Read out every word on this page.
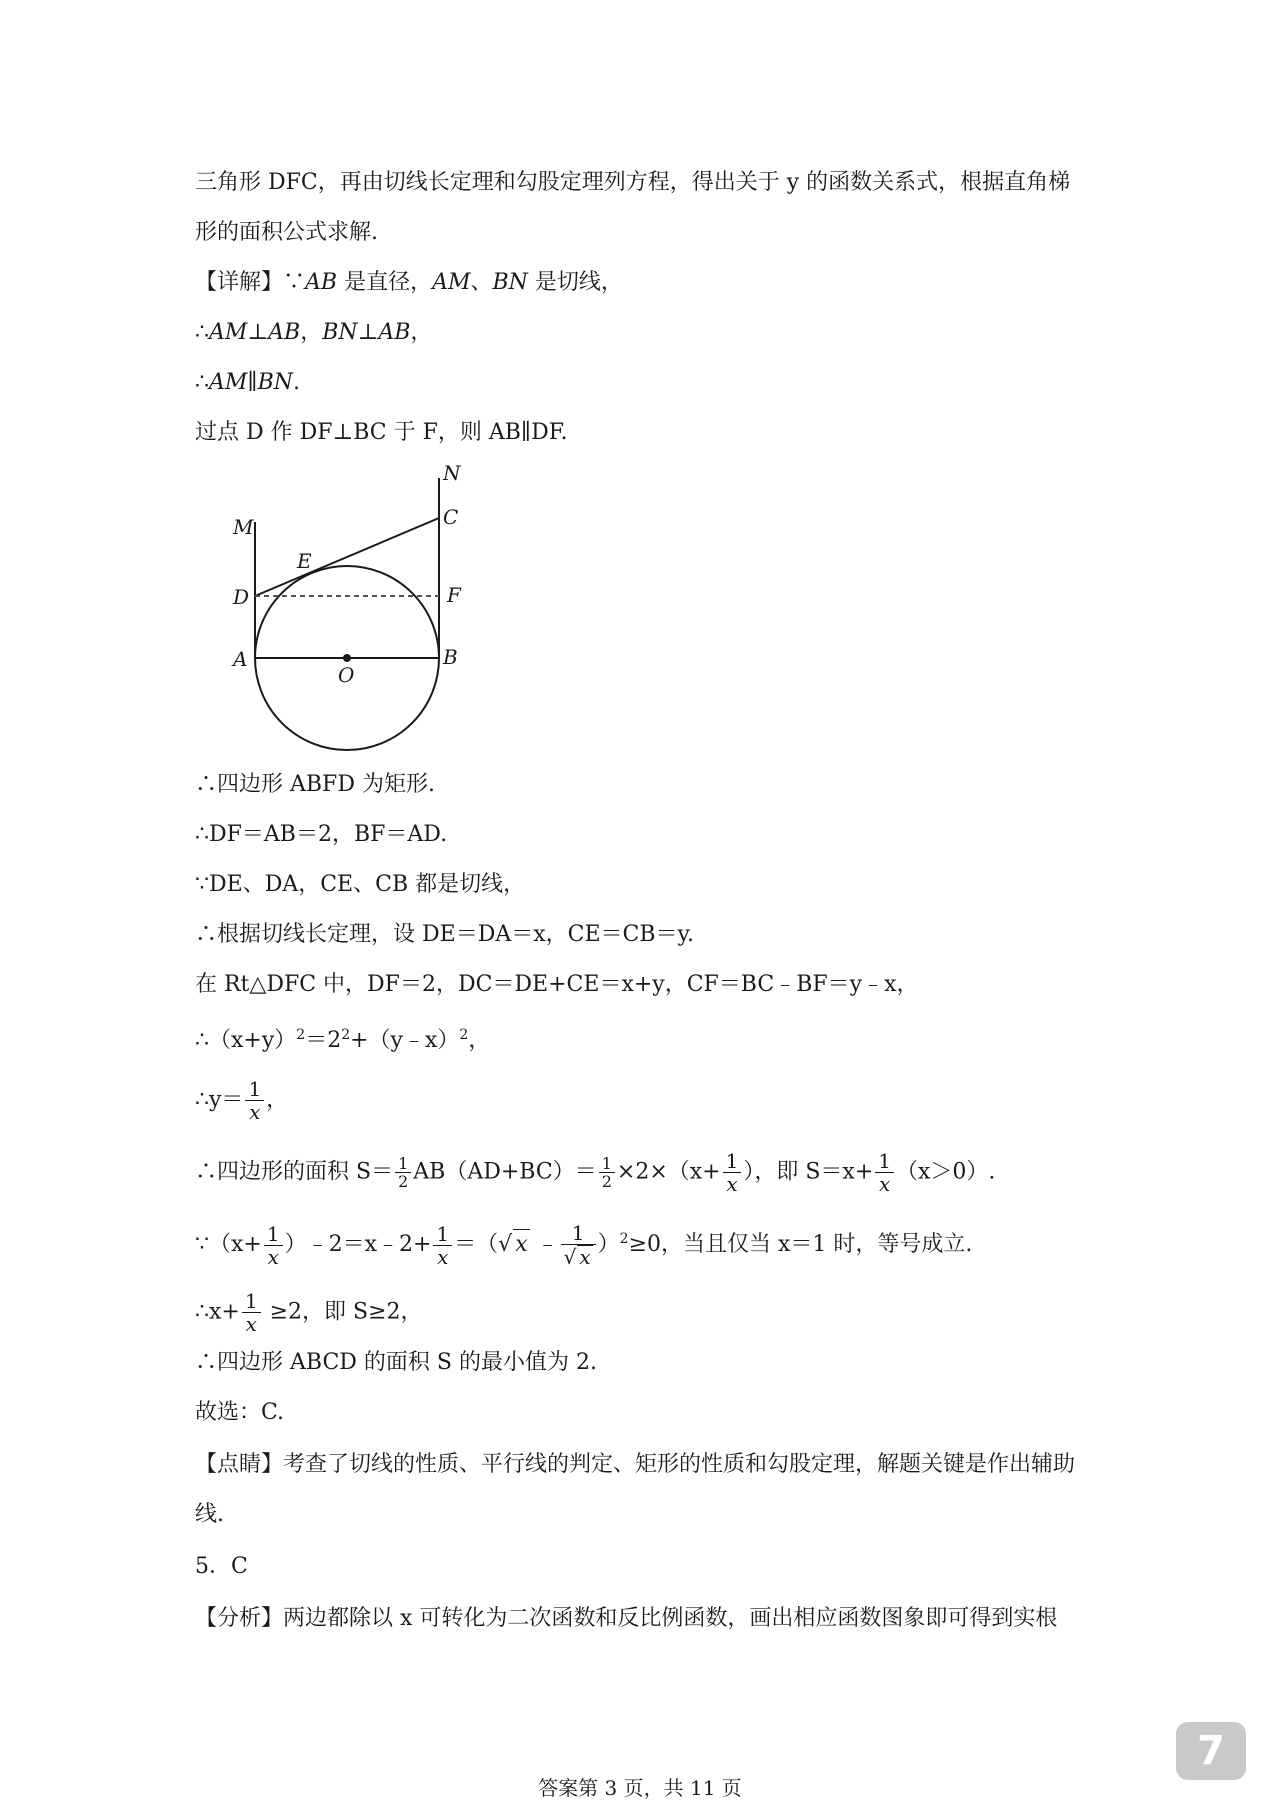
三角形 DFC，再由切线长定理和勾股定理列方程，得出关于 y 的函数关系式，根据直角梯
形的面积公式求解.
【详解】∵AB 是直径，AM、BN 是切线，
∴AM⊥AB，BN⊥AB，
∴AM∥BN.
过点 D 作 DF⊥BC 于 F，则 AB∥DF.
N
C
M
E
D	F
A
O
B
∴四边形 ABFD 为矩形.
∴DF＝AB＝2，BF＝AD.
∵DE、DA，CE、CB 都是切线，
∴根据切线长定理，设 DE＝DA＝x，CE＝CB＝y.
在 Rt△DFC 中，DF＝2，DC＝DE+CE＝x+y，CF＝BC﹣BF＝y﹣x，
$\therefore(x+y)^2=2^2+(y﹣x)^2$，
∴y＝ $\frac{1}{x}$ ，
∴四边形的面积 $S= \frac{1}{2} AB(AD+BC)= \frac{1}{2} \times 2\times(x+ \frac{1}{x}$ ），即 $S=x+ \frac{1}{x} (x>0)$.
∵（x+ $\frac{1}{x}$ ）﹣2＝x﹣2+ $\frac{1}{x}$ ＝（√ x ﹣ $\frac{1}{√ x} )^2\ge 0$，当且仅当 x＝1 时，等号成立.
∴x+ $\frac{1}{x} \ge 2$，即 S≥2，
∴四边形 ABCD 的面积 S 的最小值为 2.
故选：C.
【点睛】考查了切线的性质、平行线的判定、矩形的性质和勾股定理，解题关键是作出辅助
线.
5．C
【分析】两边都除以 x 可转化为二次函数和反比例函数，画出相应函数图象即可得到实根
答案第 3 页，共 11 页
7
